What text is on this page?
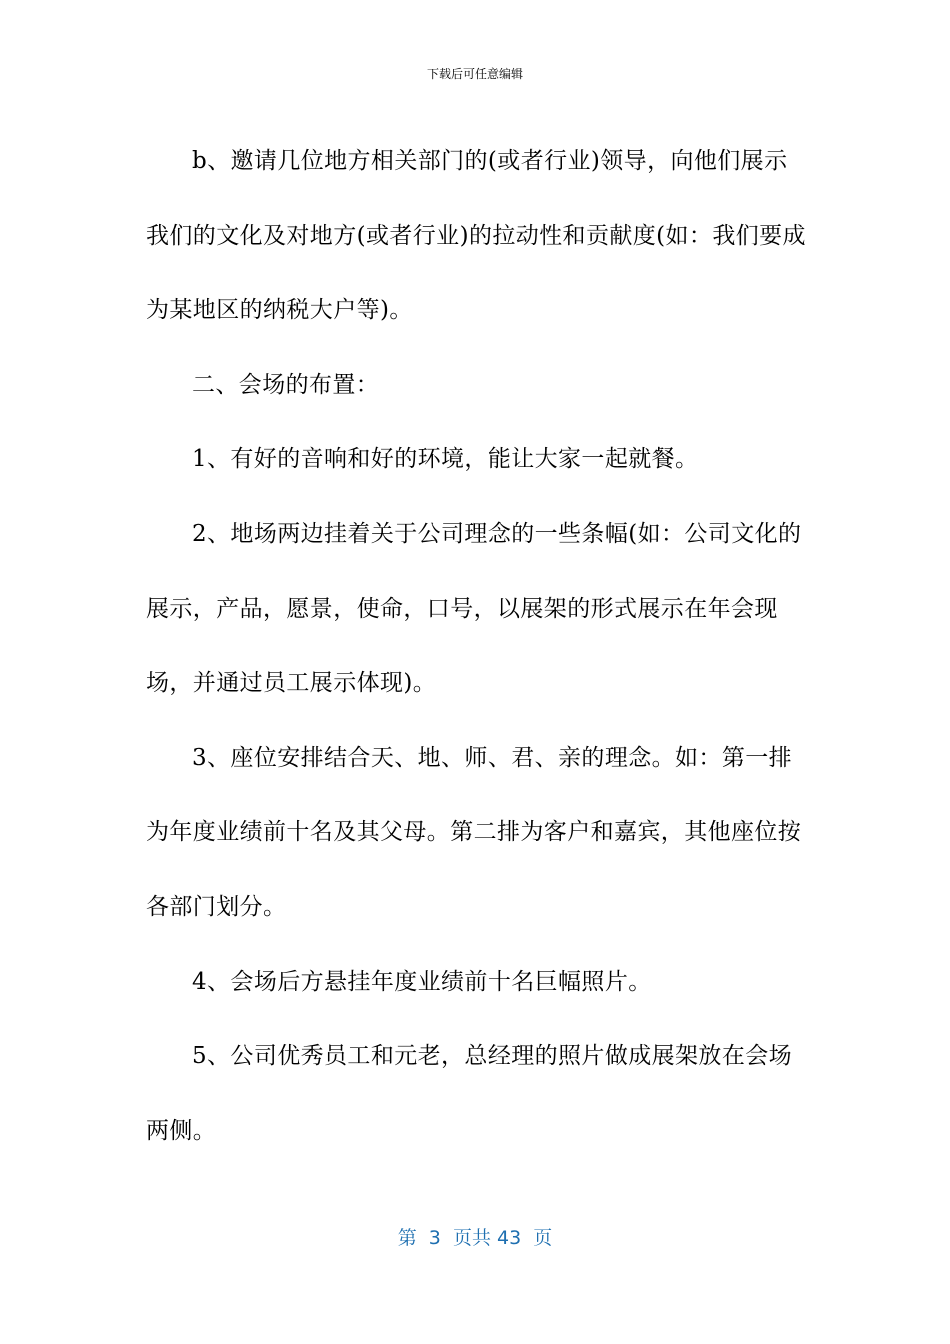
下载后可任意编辑

b、邀请几位地方相关部门的(或者行业)领导，向他们展示我们的文化及对地方(或者行业)的拉动性和贡献度(如：我们要成为某地区的纳税大户等)。

二、会场的布置：

1、有好的音响和好的环境，能让大家一起就餐。

2、地场两边挂着关于公司理念的一些条幅(如：公司文化的展示，产品，愿景，使命，口号，以展架的形式展示在年会现场，并通过员工展示体现)。

3、座位安排结合天、地、师、君、亲的理念。如：第一排为年度业绩前十名及其父母。第二排为客户和嘉宾，其他座位按各部门划分。

4、会场后方悬挂年度业绩前十名巨幅照片。

5、公司优秀员工和元老，总经理的照片做成展架放在会场两侧。

第  3  页共 43  页
